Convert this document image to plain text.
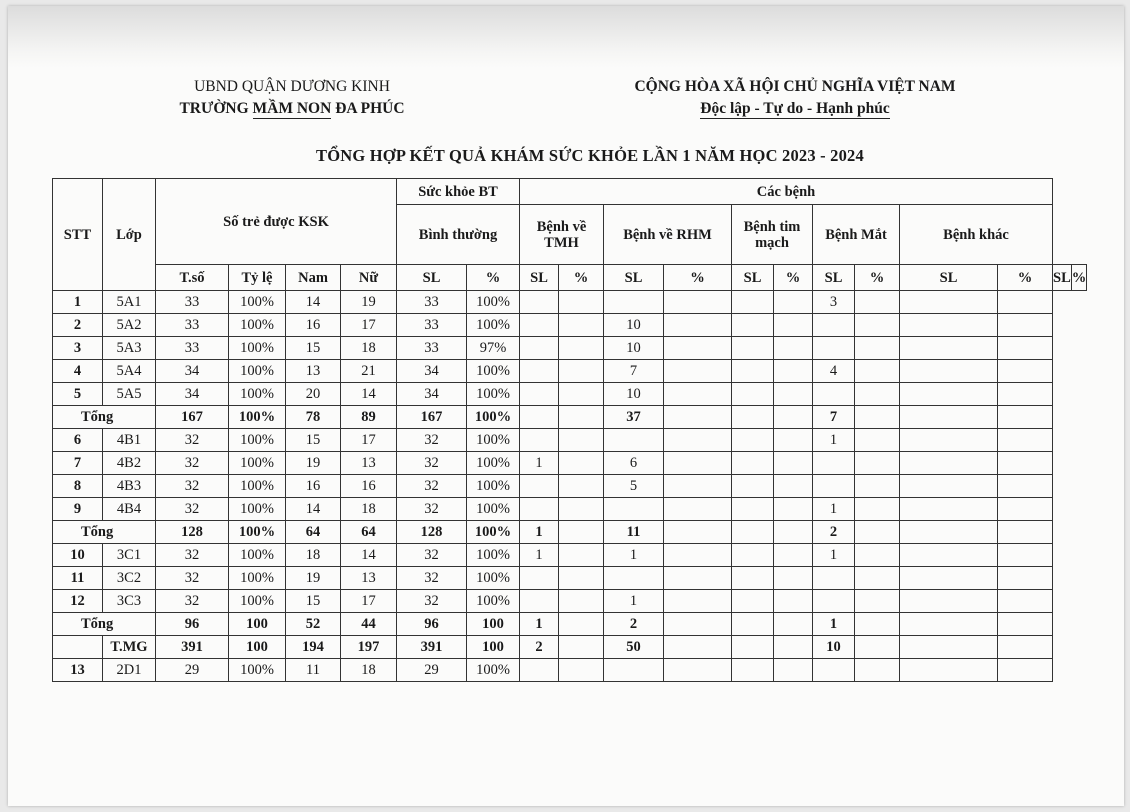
UBND QUẬN DƯƠNG KINH
TRƯỜNG MẦM NON ĐA PHÚC
CỘNG HÒA XÃ HỘI CHỦ NGHĨA VIỆT NAM
Độc lập - Tự do - Hạnh phúc
TỔNG HỢP KẾT QUẢ KHÁM SỨC KHỎE LẦN 1 NĂM HỌC 2023 - 2024
STT	Lớp	Số trẻ được KSK				Sức khỏe BT		Các bệnh											
						Bình thường		Bệnh về TMH		Bệnh về RHM		Bệnh tim mạch		Bệnh Mắt		Bệnh khác			
		T.số	Tỷ lệ	Nam	Nữ	SL	%	SL	%	SL	%	SL	%	SL	%	SL	%	SL	%
1	5A1	33	100%	14	19	33	100%							3					
2	5A2	33	100%	16	17	33	100%			10									
3	5A3	33	100%	15	18	33	97%			10									
4	5A4	34	100%	13	21	34	100%			7				4					
5	5A5	34	100%	20	14	34	100%			10									
Tổng		167	100%	78	89	167	100%			37				7					
6	4B1	32	100%	15	17	32	100%							1					
7	4B2	32	100%	19	13	32	100%	1		6									
8	4B3	32	100%	16	16	32	100%			5									
9	4B4	32	100%	14	18	32	100%							1					
Tổng		128	100%	64	64	128	100%	1		11				2					
10	3C1	32	100%	18	14	32	100%	1		1				1					
11	3C2	32	100%	19	13	32	100%												
12	3C3	32	100%	15	17	32	100%			1									
Tổng		96	100	52	44	96	100	1		2				1					
	T.MG	391	100	194	197	391	100	2		50				10					
13	2D1	29	100%	11	18	29	100%												
